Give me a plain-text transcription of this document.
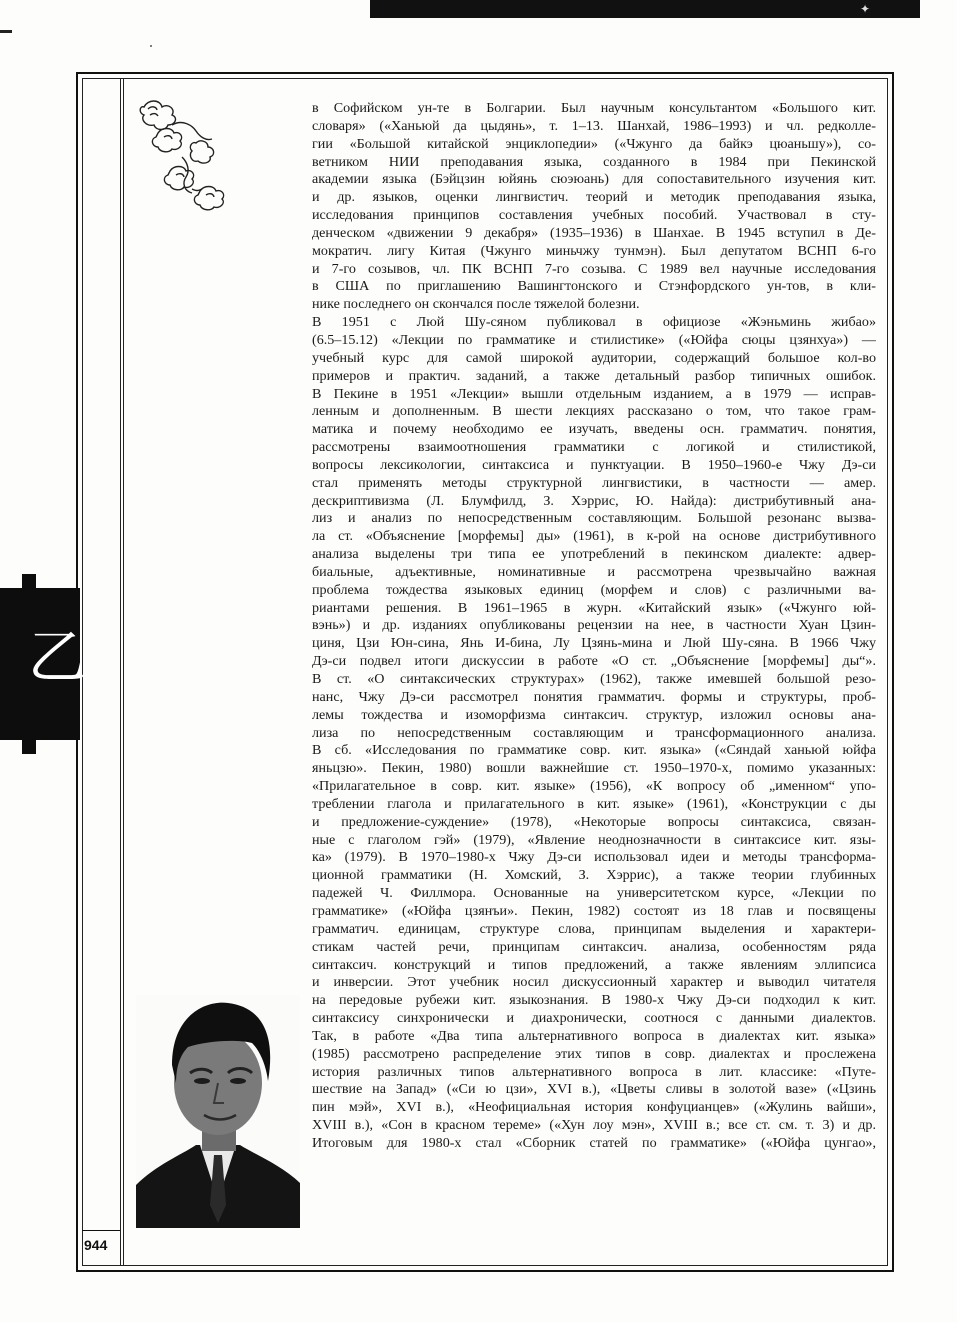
✦
乙
944
в Софийском ун-те в Болгарии. Был научным консультантом «Большого кит.
словаря» («Ханьюй да цыдянь», т. 1–13. Шанхай, 1986–1993) и чл. редколле-
гии «Большой китайской энциклопедии» («Чжунго да байкэ цюаньшу»), со-
ветником НИИ преподавания языка, созданного в 1984 при Пекинской
академии языка (Бэйцзин юйянь сюэюань) для сопоставительного изучения кит.
и др. языков, оценки лингвистич. теорий и методик преподавания языка,
исследования принципов составления учебных пособий. Участвовал в сту-
денческом «движении 9 декабря» (1935–1936) в Шанхае. В 1945 вступил в Де-
мократич. лигу Китая (Чжунго миньчжу тунмэн). Был депутатом ВСНП 6-го
и 7-го созывов, чл. ПК ВСНП 7-го созыва. С 1989 вел научные исследования
в США по приглашению Вашингтонского и Стэнфордского ун-тов, в кли-
нике последнего он скончался после тяжелой болезни.
В 1951 с Люй Шу-сяном публиковал в официозе «Жэньминь жибао»
(6.5–15.12) «Лекции по грамматике и стилистике» («Юйфа сюцы цзянхуа») —
учебный курс для самой широкой аудитории, содержащий большое кол-во
примеров и практич. заданий, а также детальный разбор типичных ошибок.
В Пекине в 1951 «Лекции» вышли отдельным изданием, а в 1979 — исправ-
ленным и дополненным. В шести лекциях рассказано о том, что такое грам-
матика и почему необходимо ее изучать, введены осн. грамматич. понятия,
рассмотрены взаимоотношения грамматики с логикой и стилистикой,
вопросы лексикологии, синтаксиса и пунктуации. В 1950–1960-е Чжу Дэ-си
стал применять методы структурной лингвистики, в частности — амер.
дескриптивизма (Л. Блумфилд, З. Хэррис, Ю. Найда): дистрибутивный ана-
лиз и анализ по непосредственным составляющим. Большой резонанс вызва-
ла ст. «Объяснение [морфемы] ды» (1961), в к-рой на основе дистрибутивного
анализа выделены три типа ее употреблений в пекинском диалекте: адвер-
биальные, адъективные, номинативные и рассмотрена чрезвычайно важная
проблема тождества языковых единиц (морфем и слов) с различными ва-
риантами решения. В 1961–1965 в журн. «Китайский язык» («Чжунго юй-
вэнь») и др. изданиях опубликованы рецензии на нее, в частности Хуан Цзин-
циня, Цзи Юн-сина, Янь И-бина, Лу Цзянь-мина и Люй Шу-сяна. В 1966 Чжу
Дэ-си подвел итоги дискуссии в работе «О ст. „Объяснение [морфемы] ды“».
В ст. «О синтаксических структурах» (1962), также имевшей большой резо-
нанс, Чжу Дэ-си рассмотрел понятия грамматич. формы и структуры, проб-
лемы тождества и изоморфизма синтаксич. структур, изложил основы ана-
лиза по непосредственным составляющим и трансформационного анализа.
В сб. «Исследования по грамматике совр. кит. языка» («Сяндай ханьюй юйфа
яньцзю». Пекин, 1980) вошли важнейшие ст. 1950–1970-х, помимо указанных:
«Прилагательное в совр. кит. языке» (1956), «К вопросу об „именном“ упо-
треблении глагола и прилагательного в кит. языке» (1961), «Конструкции с ды
и предложение-суждение» (1978), «Некоторые вопросы синтаксиса, связан-
ные с глаголом гэй» (1979), «Явление неоднозначности в синтаксисе кит. язы-
ка» (1979). В 1970–1980-х Чжу Дэ-си использовал идеи и методы трансформа-
ционной грамматики (Н. Хомский, З. Хэррис), а также теории глубинных
падежей Ч. Филлмора. Основанные на университетском курсе, «Лекции по
грамматике» («Юйфа цзянъи». Пекин, 1982) состоят из 18 глав и посвящены
грамматич. единицам, структуре слова, принципам выделения и характери-
стикам частей речи, принципам синтаксич. анализа, особенностям ряда
синтаксич. конструкций и типов предложений, а также явлениям эллипсиса
и инверсии. Этот учебник носил дискуссионный характер и выводил читателя
на передовые рубежи кит. языкознания. В 1980-х Чжу Дэ-си подходил к кит.
синтаксису синхронически и диахронически, соотнося с данными диалектов.
Так, в работе «Два типа альтернативного вопроса в диалектах кит. языка»
(1985) рассмотрено распределение этих типов в совр. диалектах и прослежена
история различных типов альтернативного вопроса в лит. классике: «Путе-
шествие на Запад» («Си ю цзи», XVI в.), «Цветы сливы в золотой вазе» («Цзинь
пин мэй», XVI в.), «Неофициальная история конфуцианцев» («Жулинь вайши»,
XVIII в.), «Сон в красном тереме» («Хун лоу мэн», XVIII в.; все ст. см. т. 3) и др.
Итоговым для 1980-х стал «Сборник статей по грамматике» («Юйфа цунгао»,
